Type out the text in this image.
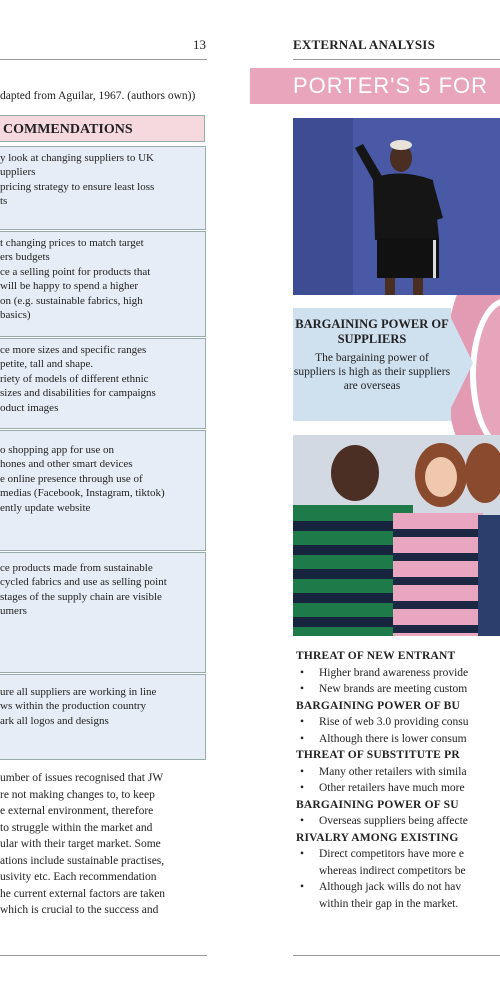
13
dapted from Aguilar, 1967. (authors own))
COMMENDATIONS
y look at changing suppliers to UK
uppliers
pricing strategy to ensure least loss
ts
t changing prices to match target
ers budgets
ce a selling point for products that
will be happy to spend a higher
on (e.g. sustainable fabrics, high
basics)
ce more sizes and specific ranges
petite, tall and shape.
riety of models of different ethnic
sizes and disabilities for campaigns
oduct images
o shopping app for use on
hones and other smart devices
e online presence through use of
medias (Facebook, Instagram, tiktok)
ently update website
ce products made from sustainable
cycled fabrics and use as selling point
stages of the supply chain are visible
umers
ure all suppliers are working in line
ws within the production country
ark all logos and designs
umber of issues recognised that JW
re not making changes to, to keep
e external environment, therefore
to struggle within the market and
ular with their target market. Some
ations include sustainable practises,
usivity etc. Each recommendation
he current external factors are taken
which is crucial to the success and
EXTERNAL ANALYSIS
PORTER'S 5 FOR
BARGAINING POWER OF SUPPLIERS
The bargaining power of suppliers is high as their suppliers are overseas
THREAT OF NEW ENTRANT
• Higher brand awareness provide
• New brands are meeting custom
BARGAINING POWER OF BU
• Rise of web 3.0 providing consu
• Although there is lower consum
THREAT OF SUBSTITUTE PR
• Many other retailers with simila
• Other retailers have much more
BARGAINING POWER OF SU
• Overseas suppliers being affecte
RIVALRY AMONG EXISTING
• Direct competitors have more e
whereas indirect competitors be
• Although jack wills do not hav
within their gap in the market.
